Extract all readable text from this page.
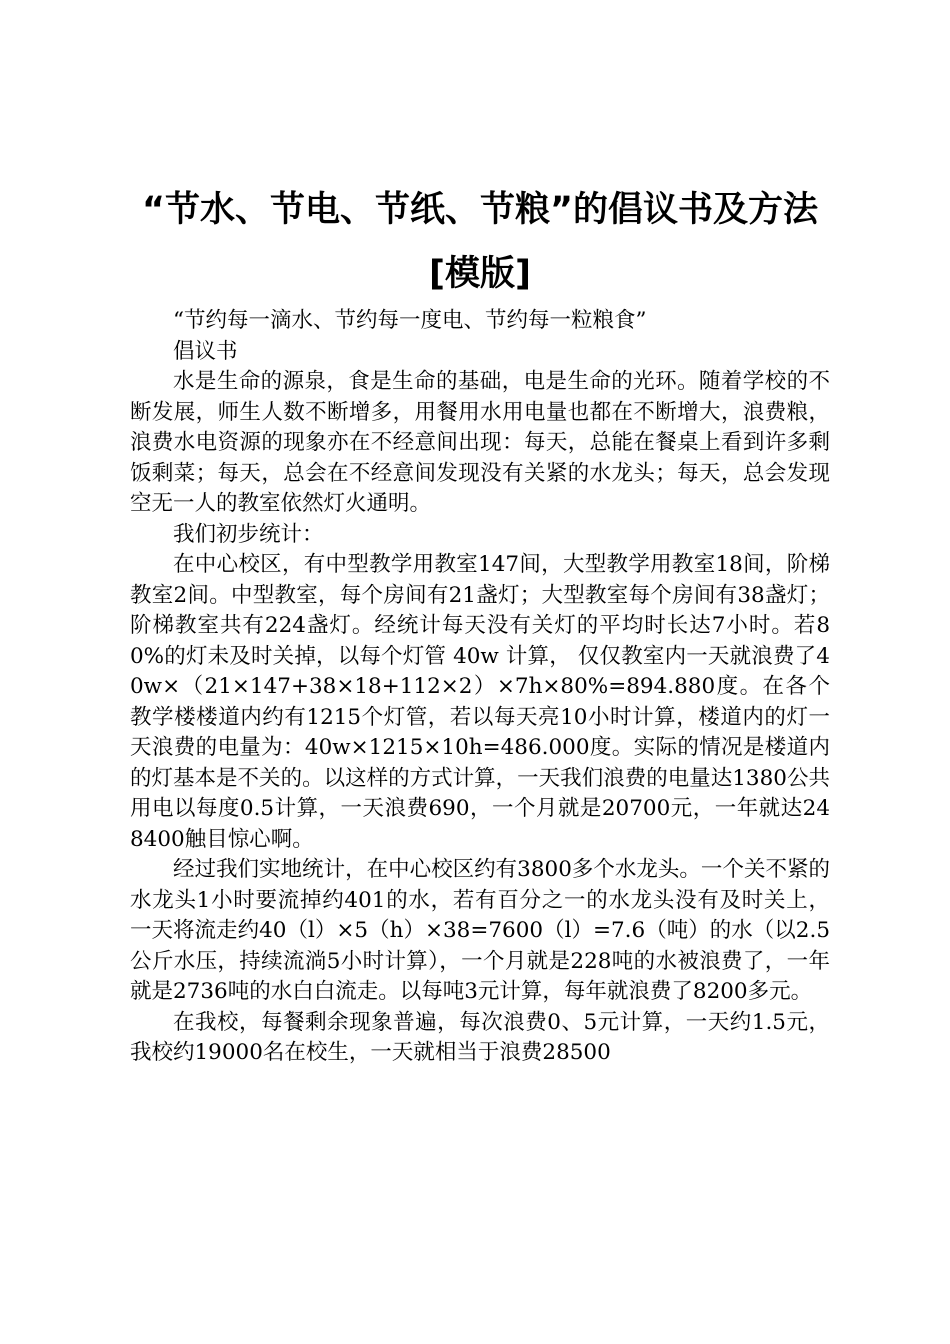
“节水、节电、节纸、节粮”的倡议书及方法
[模版]

“节约每一滴水、节约每一度电、节约每一粒粮食”

倡议书

水是生命的源泉，食是生命的基础，电是生命的光环。随着学校的不断发展，师生人数不断增多，用餐用水用电量也都在不断增大，浪费粮，浪费水电资源的现象亦在不经意间出现：每天，总能在餐桌上看到许多剩饭剩菜；每天，总会在不经意间发现没有关紧的水龙头；每天，总会发现空无一人的教室依然灯火通明。

我们初步统计：

在中心校区，有中型教学用教室147间，大型教学用教室18间，阶梯教室2间。中型教室，每个房间有21盏灯；大型教室每个房间有38盏灯；阶梯教室共有224盏灯。经统计每天没有关灯的平均时长达7小时。若80%的灯未及时关掉，以每个灯管 40w 计算， 仅仅教室内一天就浪费了40w×（21×147+38×18+112×2）×7h×80%=894.880度。在各个教学楼楼道内约有1215个灯管，若以每天亮10小时计算，楼道内的灯一天浪费的电量为：40w×1215×10h=486.000度。实际的情况是楼道内的灯基本是不关的。以这样的方式计算，一天我们浪费的电量达1380公共用电以每度0.5计算，一天浪费690，一个月就是20700元，一年就达248400触目惊心啊。

经过我们实地统计，在中心校区约有3800多个水龙头。一个关不紧的水龙头1小时要流掉约401的水，若有百分之一的水龙头没有及时关上， 一天将流走约40（l）×5（h）×38=7600（l）=7.6（吨）的水（以2.5公斤水压，持续流淌5小时计算），一个月就是228吨的水被浪费了，一年就是2736吨的水白白流走。以每吨3元计算，每年就浪费了8200多元。

在我校，每餐剩余现象普遍，每次浪费0、5元计算，一天约1.5元，我校约19000名在校生，一天就相当于浪费28500
